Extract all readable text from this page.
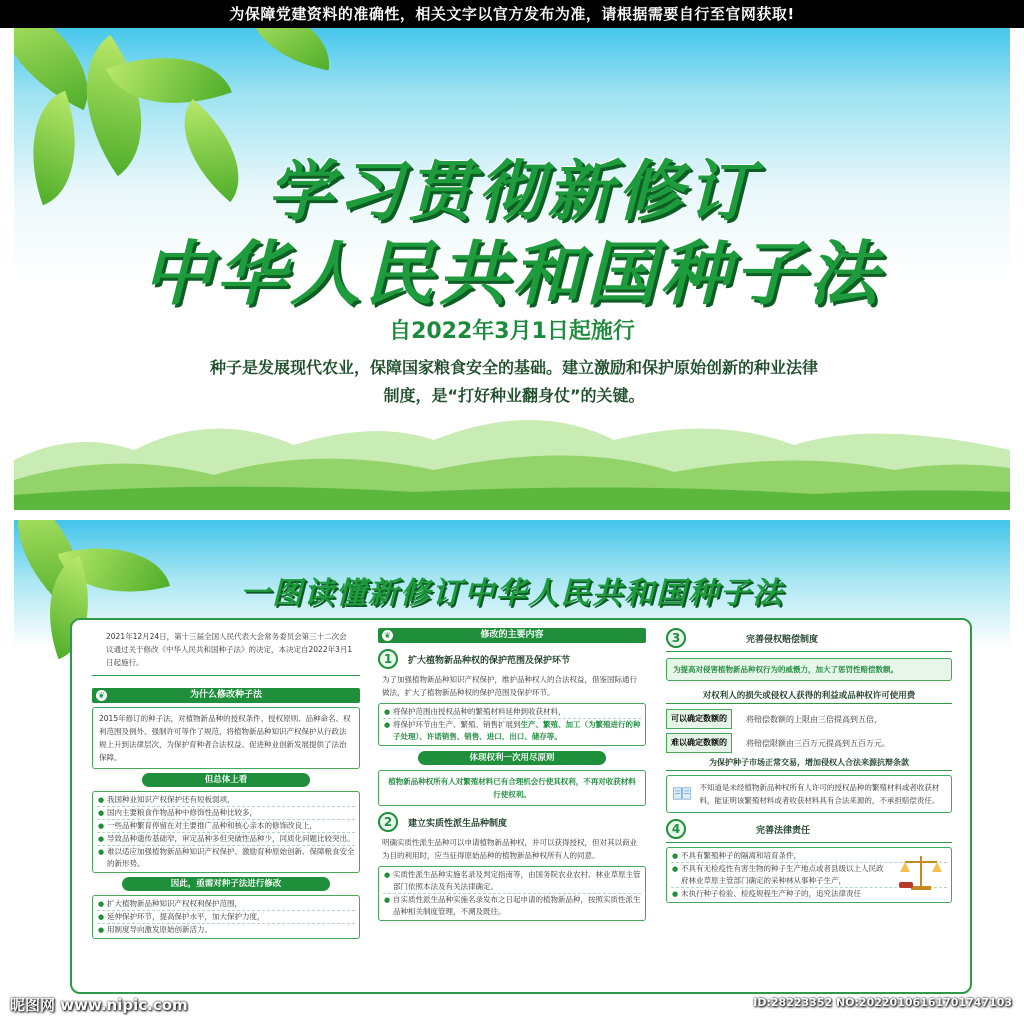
为保障党建资料的准确性，相关文字以官方发布为准，请根据需要自行至官网获取!
学习贯彻新修订
中华人民共和国种子法
自2022年3月1日起施行
种子是发展现代农业，保障国家粮食安全的基础。建立激励和保护原始创新的种业法律
制度，是“打好种业翻身仗”的关键。
一图读懂新修订中华人民共和国种子法
2021年12月24日，第十三届全国人民代表大会常务委员会第三十二次会议通过关于修改《中华人民共和国种子法》的决定，本决定自2022年3月1日起施行。
❦	为什么修改种子法
2015年修订的种子法，对植物新品种的授权条件、授权原则、品种命名、权利范围及例外、强制许可等作了规范，将植物新品种知识产权保护从行政法规上升到法律层次，为保护育种者合法权益、促进种业创新发展提供了法治保障。
但总体上看
● 我国种业知识产权保护还有短板弱项，
● 国内主要粮食作物品种中修饰性品种比较多，
● 一些品种繁育停留在对主要推广品种和核心亲本的修饰改良上，
● 导致品种遗传基础窄，审定品种多但突破性品种少，同质化问题比较突出。
● 难以适应加强植物新品种知识产权保护、激励育种原始创新、保障粮食安全的新形势。
因此，亟需对种子法进行修改
● 扩大植物新品种知识产权权利保护范围，
● 延伸保护环节，提高保护水平，加大保护力度，
● 用制度导向激发原始创新活力。
❦	修改的主要内容
1	扩大植物新品种权的保护范围及保护环节
为了加强植物新品种知识产权保护，维护品种权人的合法权益，借鉴国际通行做法，扩大了植物新品种权的保护范围及保护环节。
● 将保护范围由授权品种的繁殖材料延伸到收获材料，
● 将保护环节由生产、繁殖、销售扩展到生产、繁殖、加工（为繁殖进行的种子处理）、许诺销售、销售、进口、出口、储存等。
体现权利一次用尽原则
植物新品种权所有人对繁殖材料已有合理机会行使其权利，不再对收获材料行使权利。
2	建立实质性派生品种制度
明确实质性派生品种可以申请植物新品种权，并可以获得授权，但对其以商业为目的利用时，应当征得原始品种的植物新品种权所有人的同意。
● 实质性派生品种实施名录及判定指南等，由国务院农业农村、林业草原主管部门依照本法及有关法律确定。
● 自实质性派生品种实施名录发布之日起申请的植物新品种，按照实质性派生品种相关制度管理，不溯及既往。
3	完善侵权赔偿制度
为提高对侵害植物新品种权行为的威慑力，加大了惩罚性赔偿数额。
对权利人的损失或侵权人获得的利益或品种权许可使用费
可以确定数额的	将赔偿数额的上限由三倍提高到五倍，
难以确定数额的	将赔偿限额由三百万元提高到五百万元。
为保护种子市场正常交易，增加侵权人合法来源抗辩条款
不知道是未经植物新品种权所有人许可的授权品种的繁殖材料或者收获材料，能证明该繁殖材料或者收获材料具有合法来源的，不承担赔偿责任。
4	完善法律责任
● 不具有繁殖种子的隔离和培育条件，
● 不具有无检疫性有害生物的种子生产地点或者县级以上人民政府林业草原主管部门确定的采种林从事种子生产，
● 未执行种子检验、检疫规程生产种子的，追究法律责任
昵图网 www.nipic.com	ID:28223352 NO:20220106161701747103
